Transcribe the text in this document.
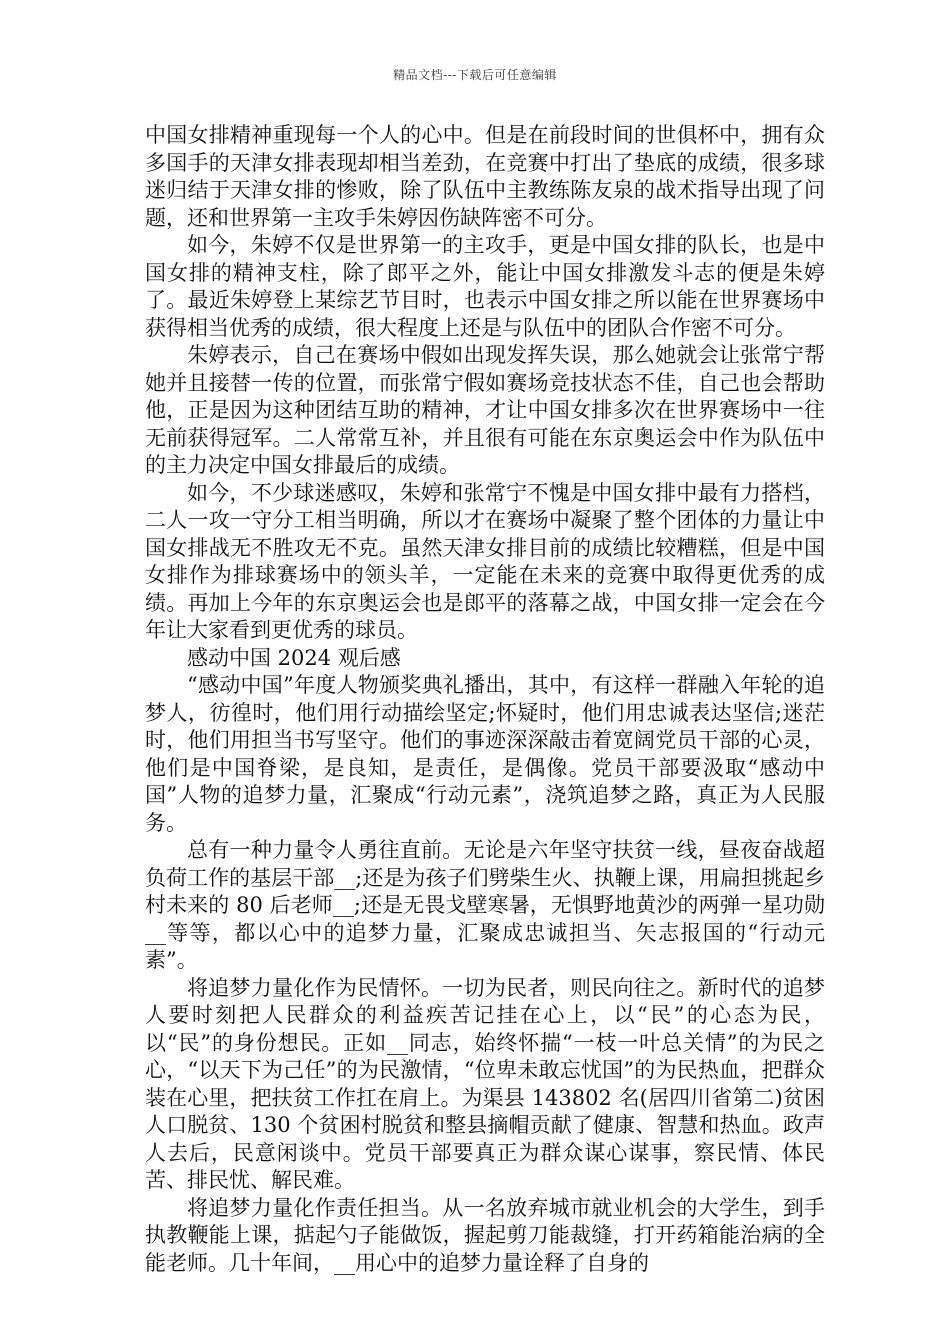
精品文档---下载后可任意编辑

中国女排精神重现每一个人的心中。但是在前段时间的世俱杯中，拥有众多国手的天津女排表现却相当差劲，在竞赛中打出了垫底的成绩，很多球迷归结于天津女排的惨败，除了队伍中主教练陈友泉的战术指导出现了问题，还和世界第一主攻手朱婷因伤缺阵密不可分。

如今，朱婷不仅是世界第一的主攻手，更是中国女排的队长，也是中国女排的精神支柱，除了郎平之外，能让中国女排激发斗志的便是朱婷了。最近朱婷登上某综艺节目时，也表示中国女排之所以能在世界赛场中获得相当优秀的成绩，很大程度上还是与队伍中的团队合作密不可分。

朱婷表示，自己在赛场中假如出现发挥失误，那么她就会让张常宁帮她并且接替一传的位置，而张常宁假如赛场竞技状态不佳，自己也会帮助他，正是因为这种团结互助的精神，才让中国女排多次在世界赛场中一往无前获得冠军。二人常常互补，并且很有可能在东京奥运会中作为队伍中的主力决定中国女排最后的成绩。

如今，不少球迷感叹，朱婷和张常宁不愧是中国女排中最有力搭档，二人一攻一守分工相当明确，所以才在赛场中凝聚了整个团体的力量让中国女排战无不胜攻无不克。虽然天津女排目前的成绩比较糟糕，但是中国女排作为排球赛场中的领头羊，一定能在未来的竞赛中取得更优秀的成绩。再加上今年的东京奥运会也是郎平的落幕之战，中国女排一定会在今年让大家看到更优秀的球员。

感动中国 2024 观后感

“感动中国”年度人物颁奖典礼播出，其中，有这样一群融入年轮的追梦人，彷徨时，他们用行动描绘坚定;怀疑时，他们用忠诚表达坚信;迷茫时，他们用担当书写坚守。他们的事迹深深敲击着宽阔党员干部的心灵，他们是中国脊梁，是良知，是责任，是偶像。党员干部要汲取“感动中国”人物的追梦力量，汇聚成“行动元素”，浇筑追梦之路，真正为人民服务。

总有一种力量令人勇往直前。无论是六年坚守扶贫一线，昼夜奋战超负荷工作的基层干部__;还是为孩子们劈柴生火、执鞭上课，用扁担挑起乡村未来的 80 后老师__;还是无畏戈壁寒暑，无惧野地黄沙的两弹一星功勋__等等，都以心中的追梦力量，汇聚成忠诚担当、矢志报国的“行动元素”。

将追梦力量化作为民情怀。一切为民者，则民向往之。新时代的追梦人要时刻把人民群众的利益疾苦记挂在心上，以“民”的心态为民，以“民”的身份想民。正如__同志，始终怀揣“一枝一叶总关情”的为民之心，“以天下为己任”的为民激情，“位卑未敢忘忧国”的为民热血，把群众装在心里，把扶贫工作扛在肩上。为渠县 143802 名(居四川省第二)贫困人口脱贫、130 个贫困村脱贫和整县摘帽贡献了健康、智慧和热血。政声人去后，民意闲谈中。党员干部要真正为群众谋心谋事，察民情、体民苦、排民忧、解民难。

将追梦力量化作责任担当。从一名放弃城市就业机会的大学生，到手执教鞭能上课，掂起勺子能做饭，握起剪刀能裁缝，打开药箱能治病的全能老师。几十年间，__用心中的追梦力量诠释了自身的
